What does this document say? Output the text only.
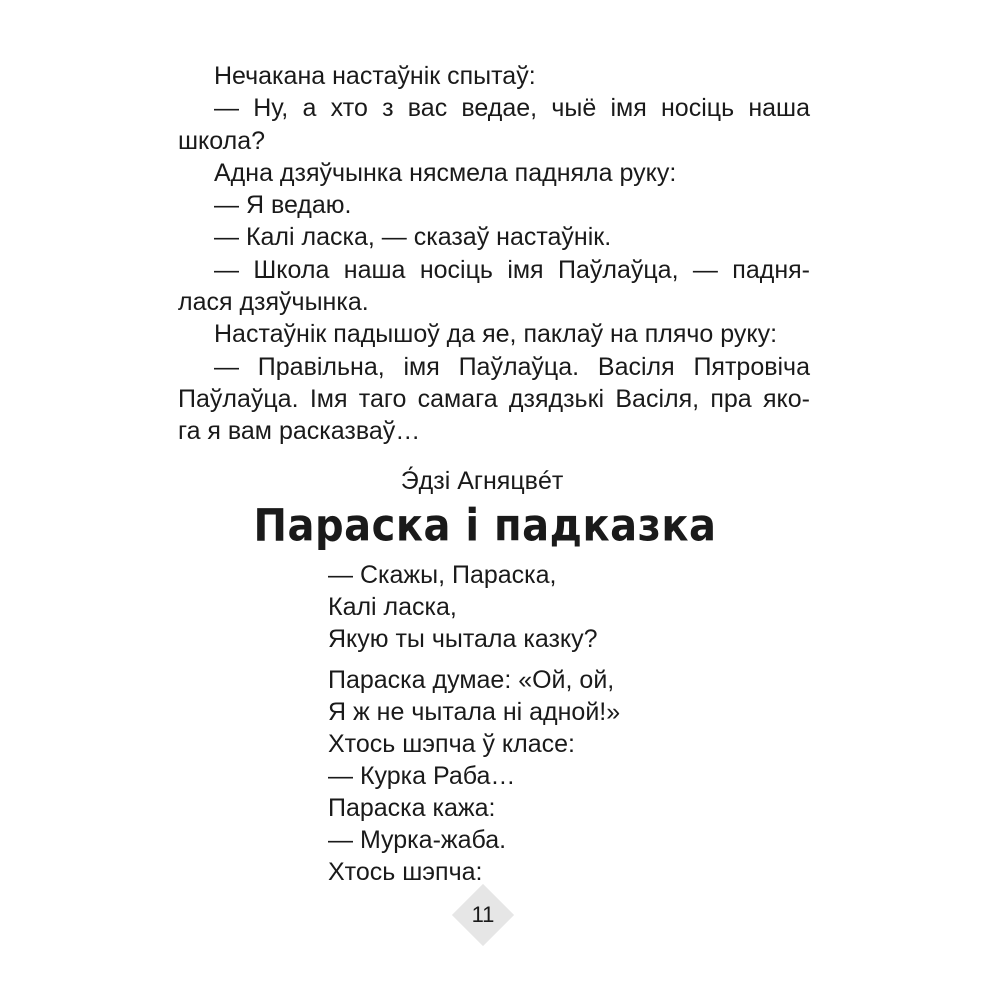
Нечакана настаўнік спытаў:
— Ну, а хто з вас ведае, чыё імя носіць наша
школа?
Адна дзяўчынка нясмела падняла руку:
— Я ведаю.
— Калі ласка, — сказаў настаўнік.
— Школа наша носіць імя Паўлаўца, — падня-
лася дзяўчынка.
Настаўнік падышоў да яе, паклаў на плячо руку:
— Правільна, імя Паўлаўца. Васіля Пятровіча
Паўлаўца. Імя таго самага дзядзькі Васіля, пра яко-
га я вам расказваў…
Э́дзі Агняцвéт
Параска і падказка
— Скажы, Параска,
Калі ласка,
Якую ты чытала казку?
Параска думае: «Ой, ой,
Я ж не чытала ні адной!»
Хтось шэпча ў класе:
— Курка Раба…
Параска кажа:
— Мурка-жаба.
Хтось шэпча:
11
